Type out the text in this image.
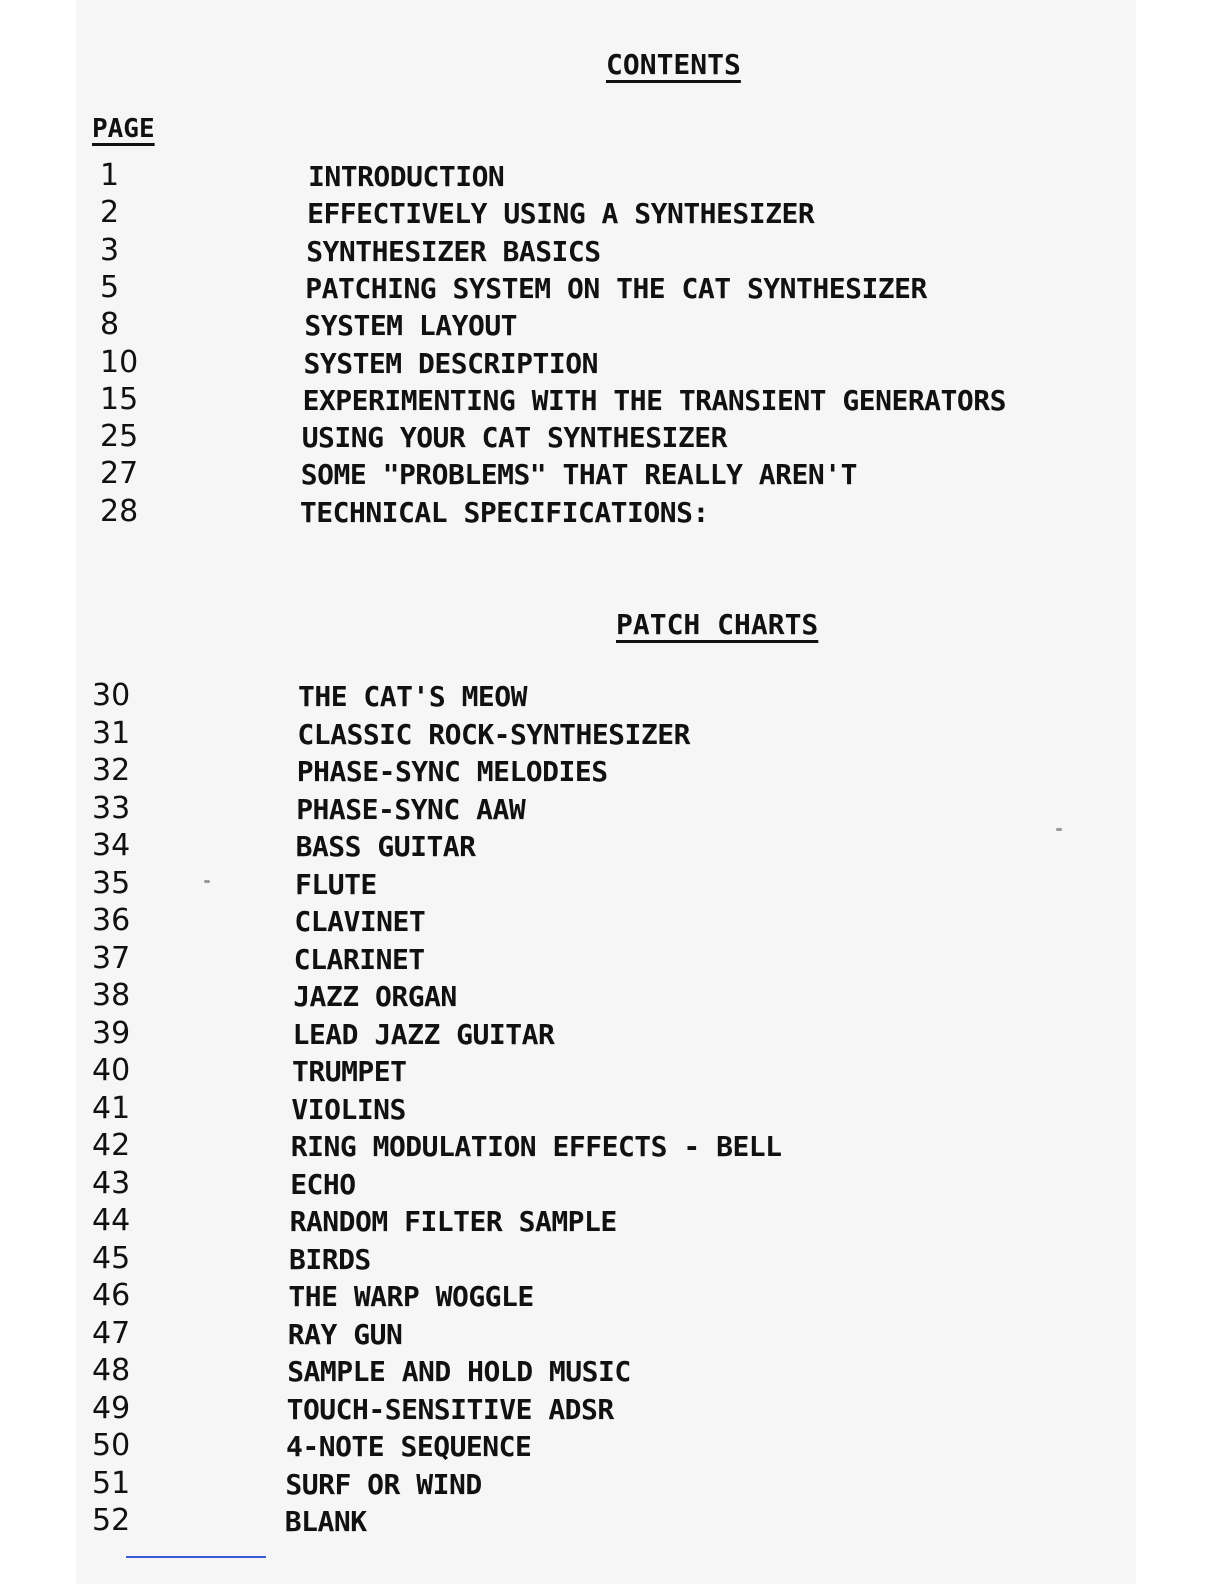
CONTENTS
PAGE
1	INTRODUCTION
2	EFFECTIVELY USING A SYNTHESIZER
3	SYNTHESIZER BASICS
5	PATCHING SYSTEM ON THE CAT SYNTHESIZER
8	SYSTEM LAYOUT
10	SYSTEM DESCRIPTION
15	EXPERIMENTING WITH THE TRANSIENT GENERATORS
25	USING YOUR CAT SYNTHESIZER
27	SOME "PROBLEMS" THAT REALLY AREN'T
28	TECHNICAL SPECIFICATIONS:
PATCH CHARTS
30	THE CAT'S MEOW
31	CLASSIC ROCK-SYNTHESIZER
32	PHASE-SYNC MELODIES
33	PHASE-SYNC AAW
34	BASS GUITAR
35	FLUTE
36	CLAVINET
37	CLARINET
38	JAZZ ORGAN
39	LEAD JAZZ GUITAR
40	TRUMPET
41	VIOLINS
42	RING MODULATION EFFECTS - BELL
43	ECHO
44	RANDOM FILTER SAMPLE
45	BIRDS
46	THE WARP WOGGLE
47	RAY GUN
48	SAMPLE AND HOLD MUSIC
49	TOUCH-SENSITIVE ADSR
50	4-NOTE SEQUENCE
51	SURF OR WIND
52	BLANK
